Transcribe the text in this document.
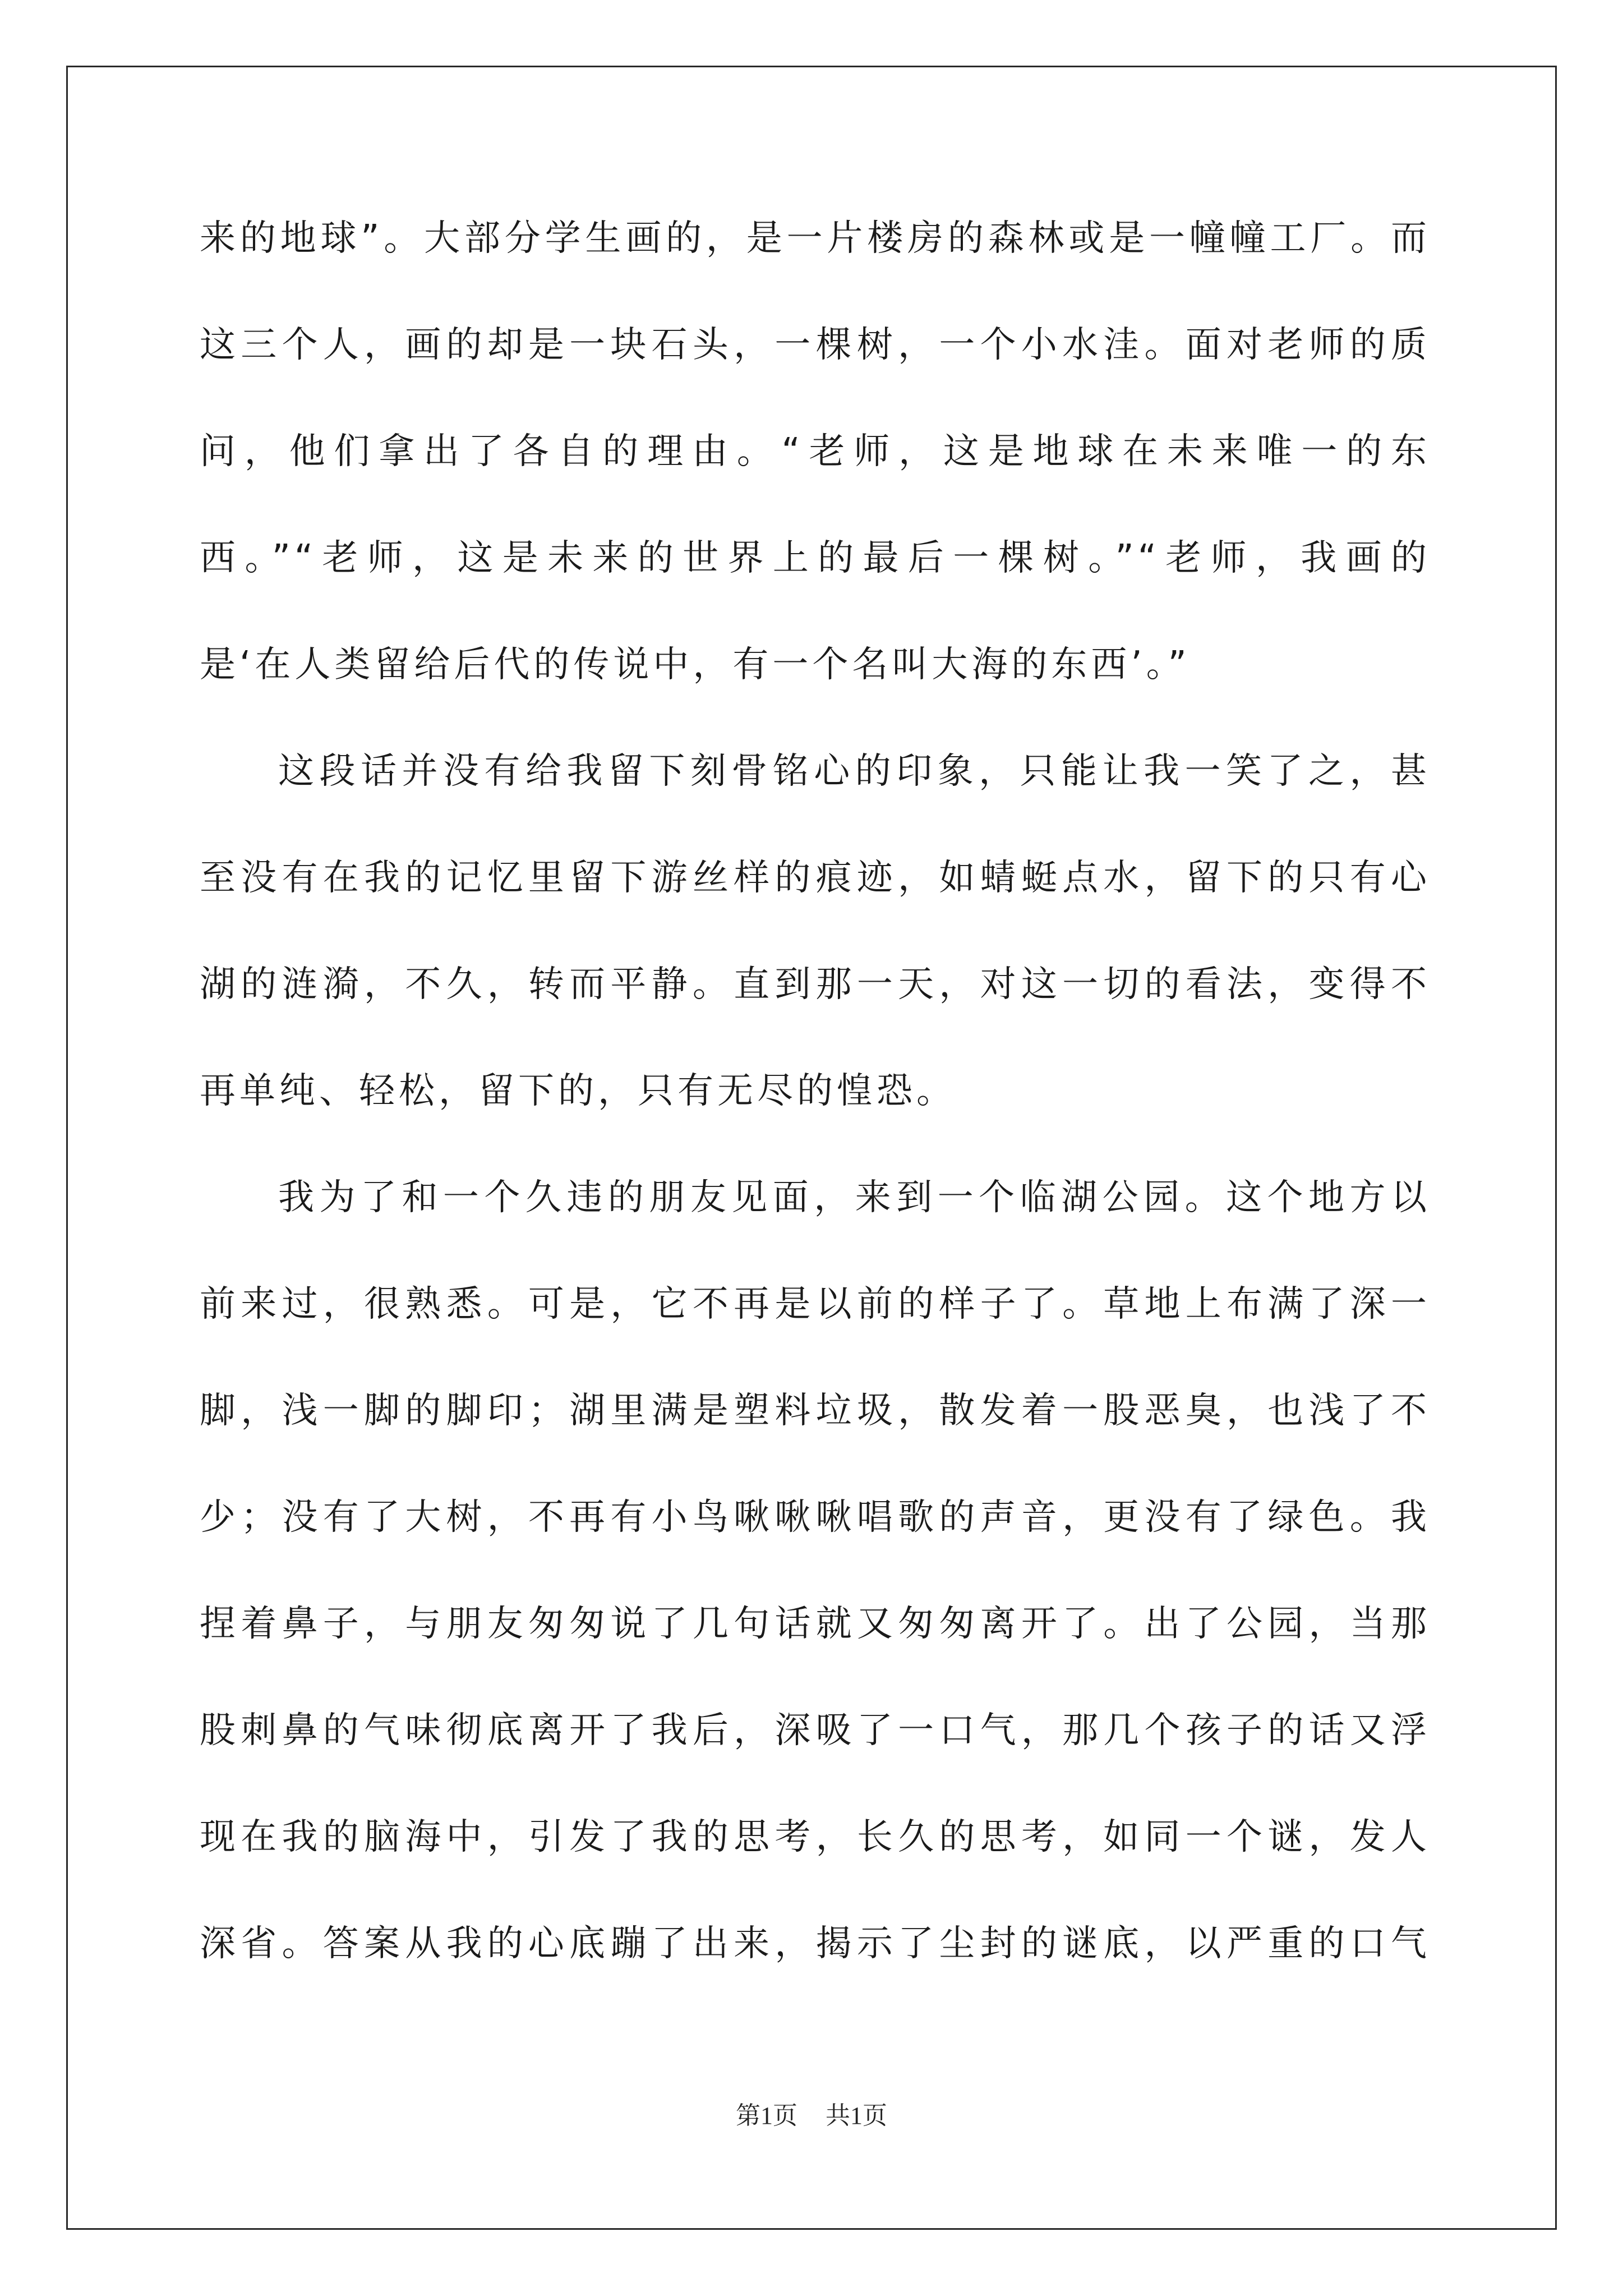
来的地球”。大部分学生画的，是一片楼房的森林或是一幢幢工厂。而
这三个人，画的却是一块石头，一棵树，一个小水洼。面对老师的质
问，他们拿出了各自的理由。“老师，这是地球在未来唯一的东
西。”“老师，这是未来的世界上的最后一棵树。”“老师，我画的
是‘在人类留给后代的传说中，有一个名叫大海的东西’。”
这段话并没有给我留下刻骨铭心的印象，只能让我一笑了之，甚
至没有在我的记忆里留下游丝样的痕迹，如蜻蜓点水，留下的只有心
湖的涟漪，不久，转而平静。直到那一天，对这一切的看法，变得不
再单纯、轻松，留下的，只有无尽的惶恐。
我为了和一个久违的朋友见面，来到一个临湖公园。这个地方以
前来过，很熟悉。可是，它不再是以前的样子了。草地上布满了深一
脚，浅一脚的脚印；湖里满是塑料垃圾，散发着一股恶臭，也浅了不
少；没有了大树，不再有小鸟啾啾啾唱歌的声音，更没有了绿色。我
捏着鼻子，与朋友匆匆说了几句话就又匆匆离开了。出了公园，当那
股刺鼻的气味彻底离开了我后，深吸了一口气，那几个孩子的话又浮
现在我的脑海中，引发了我的思考，长久的思考，如同一个谜，发人
深省。答案从我的心底蹦了出来，揭示了尘封的谜底，以严重的口气
第1页 共1页
